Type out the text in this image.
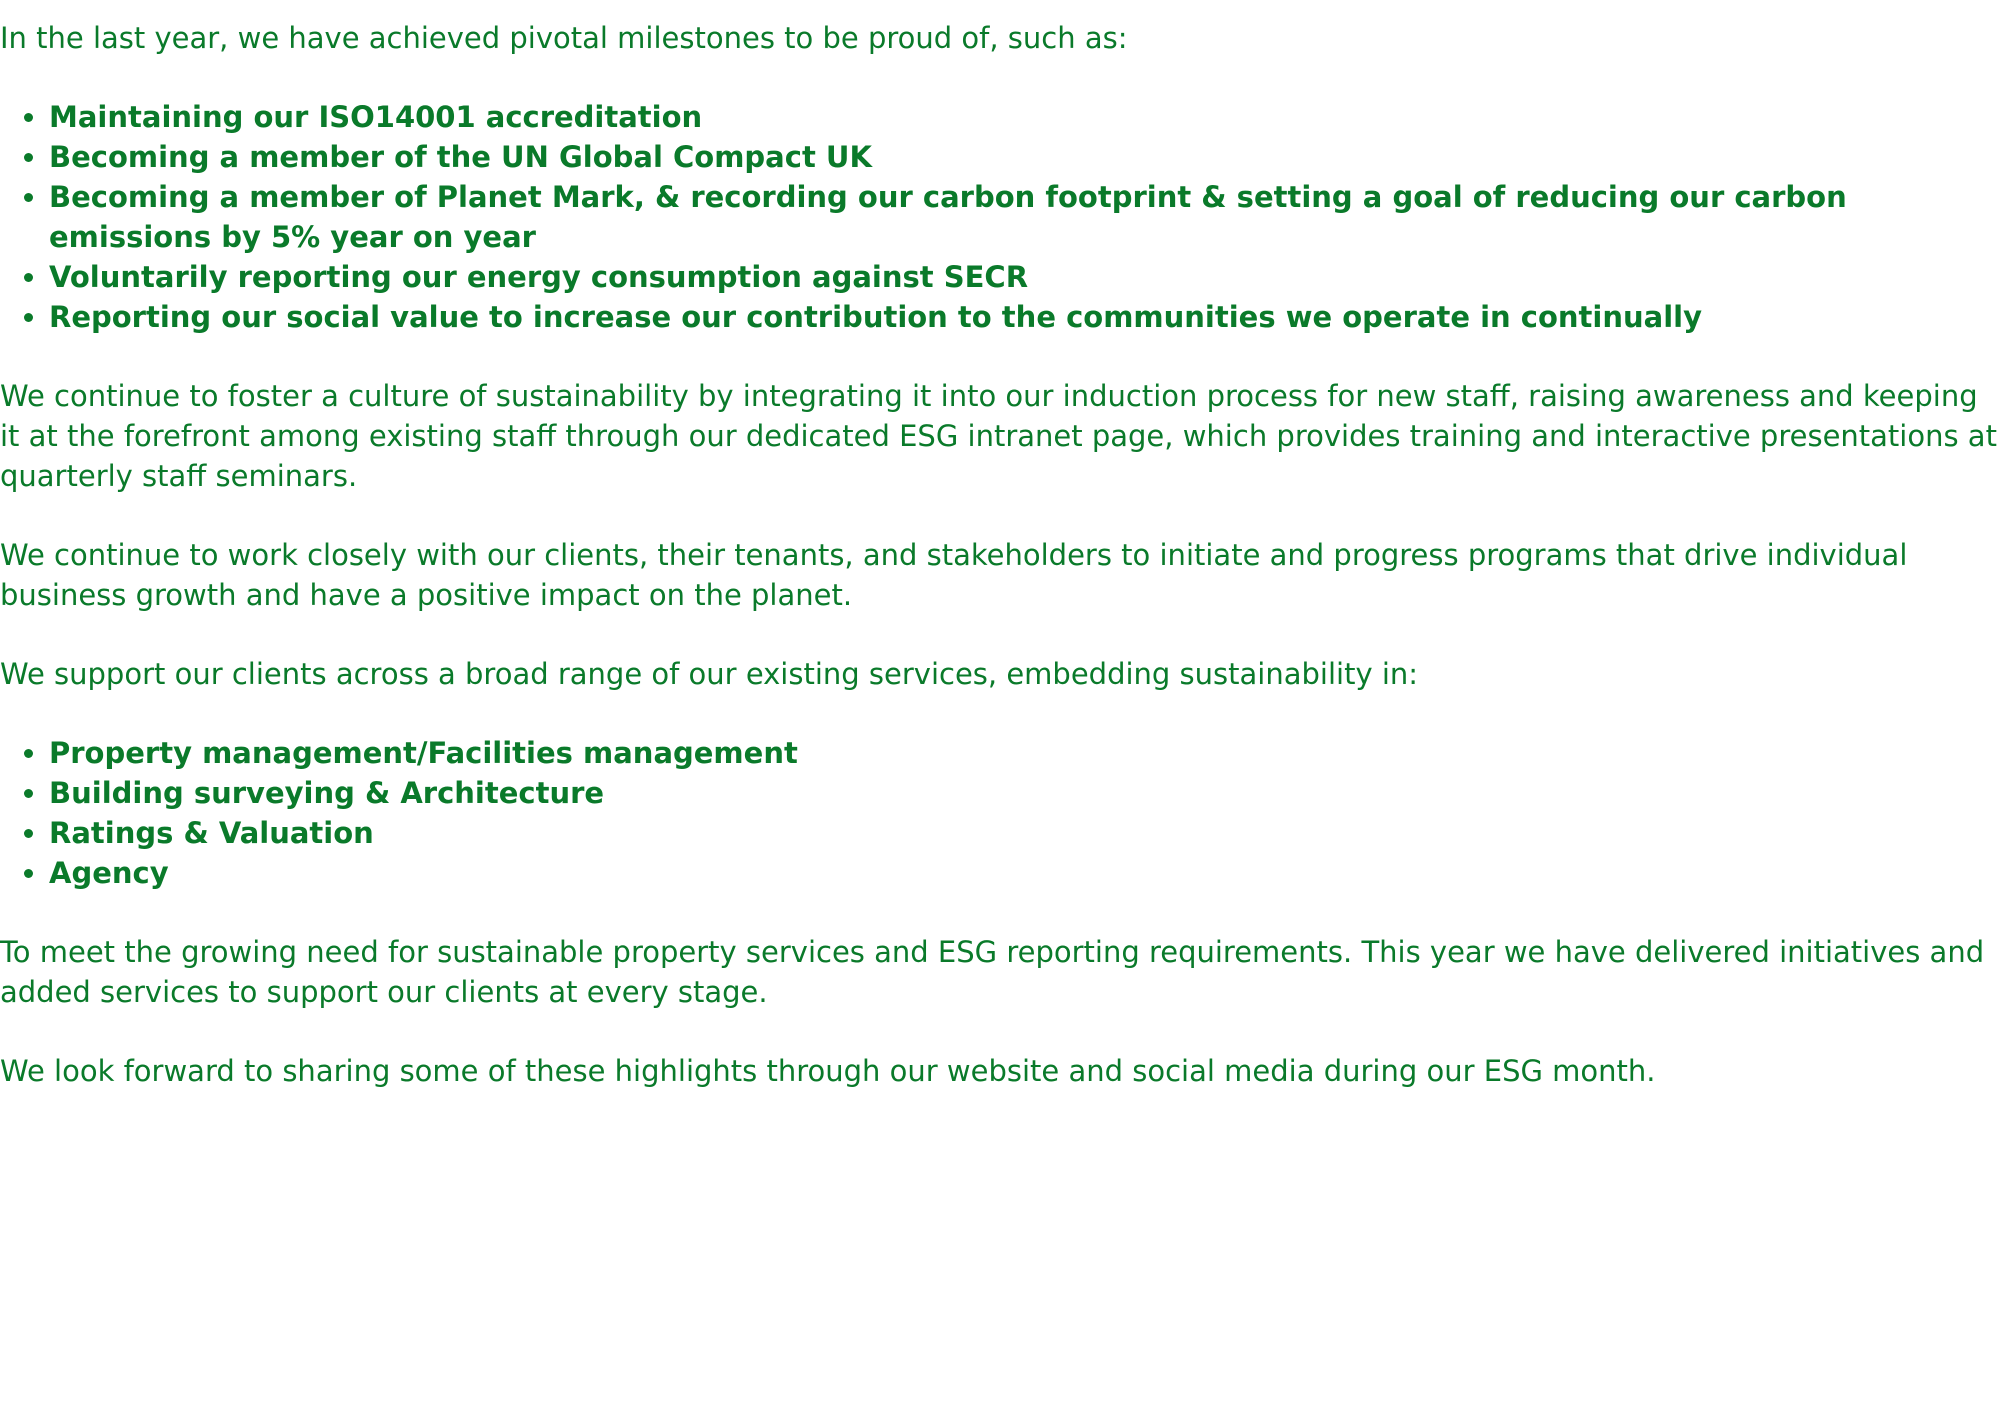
In the last year, we have achieved pivotal milestones to be proud of, such as:

• Maintaining our ISO14001 accreditation
• Becoming a member of the UN Global Compact UK
• Becoming a member of Planet Mark, & recording our carbon footprint & setting a goal of reducing our carbon emissions by 5% year on year
• Voluntarily reporting our energy consumption against SECR
• Reporting our social value to increase our contribution to the communities we operate in continually

We continue to foster a culture of sustainability by integrating it into our induction process for new staff, raising awareness and keeping it at the forefront among existing staff through our dedicated ESG intranet page, which provides training and interactive presentations at quarterly staff seminars.

We continue to work closely with our clients, their tenants, and stakeholders to initiate and progress programs that drive individual business growth and have a positive impact on the planet.

We support our clients across a broad range of our existing services, embedding sustainability in:

• Property management/Facilities management
• Building surveying & Architecture
• Ratings & Valuation
• Agency

To meet the growing need for sustainable property services and ESG reporting requirements. This year we have delivered initiatives and added services to support our clients at every stage.

We look forward to sharing some of these highlights through our website and social media during our ESG month.
